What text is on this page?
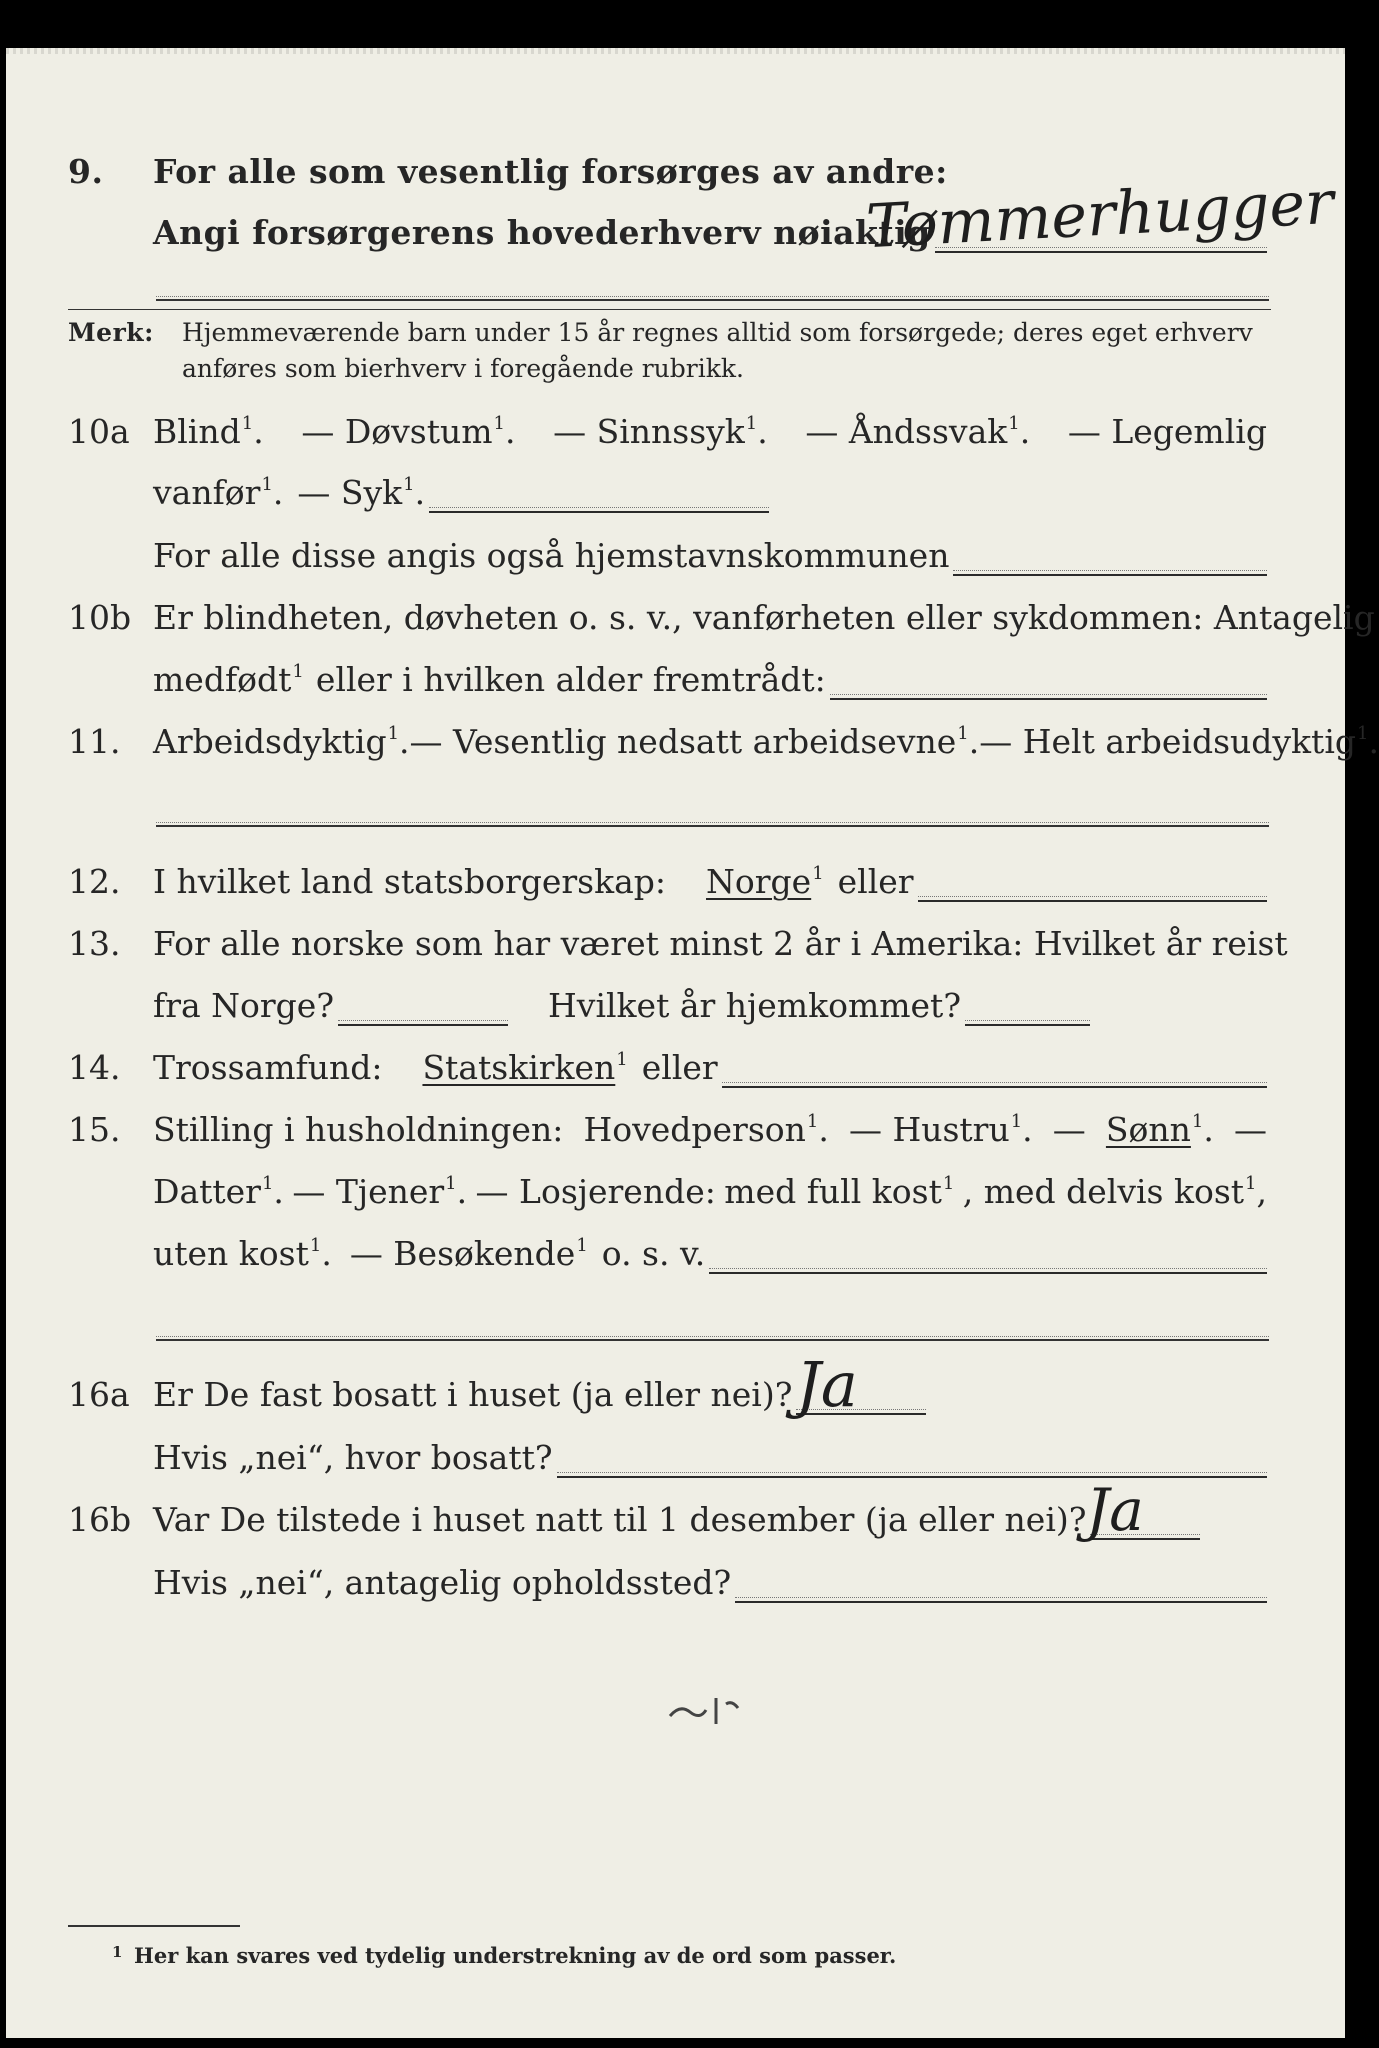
9. For alle som vesentlig forsørges av andre:
Angi forsørgerens hovederhverv nøiaktig
Tømmerhugger
Merk: Hjemmeværende barn under 15 år regnes alltid som forsørgede; deres eget erhverv
anføres som bierhverv i foregående rubrikk.
10a Blind$^1$. — Døvstum$^1$. — Sinnssyk$^1$. — Åndssvak$^1$. — Legemlig
vanfør$^1$. — Syk$^1$.
For alle disse angis også hjemstavnskommunen
10b Er blindheten, døvheten o. s. v., vanførheten eller sykdommen: Antagelig
medfødt$^1$ eller i hvilken alder fremtrådt:
11. Arbeidsdyktig$^1$. — Vesentlig nedsatt arbeidsevne$^1$. — Helt arbeidsudyktig$^1$.
12. I hvilket land statsborgerskap: Norge$^1$ eller
13. For alle norske som har været minst 2 år i Amerika: Hvilket år reist
fra Norge?	Hvilket år hjemkommet?
14. Trossamfund: Statskirken$^1$ eller
15. Stilling i husholdningen: Hovedperson$^1$. — Hustru$^1$. — Sønn$^1$. —
Datter$^1$. — Tjener$^1$. — Losjerende: med full kost$^1$ , med delvis kost$^1$,
uten kost$^1$. — Besøkende$^1$ o. s. v.
16a Er De fast bosatt i huset (ja eller nei)? Ja
Hvis „nei“, hvor bosatt?
16b Var De tilstede i huset natt til 1 desember (ja eller nei)? Ja
Hvis „nei“, antagelig opholdssted?
1 Her kan svares ved tydelig understrekning av de ord som passer.
